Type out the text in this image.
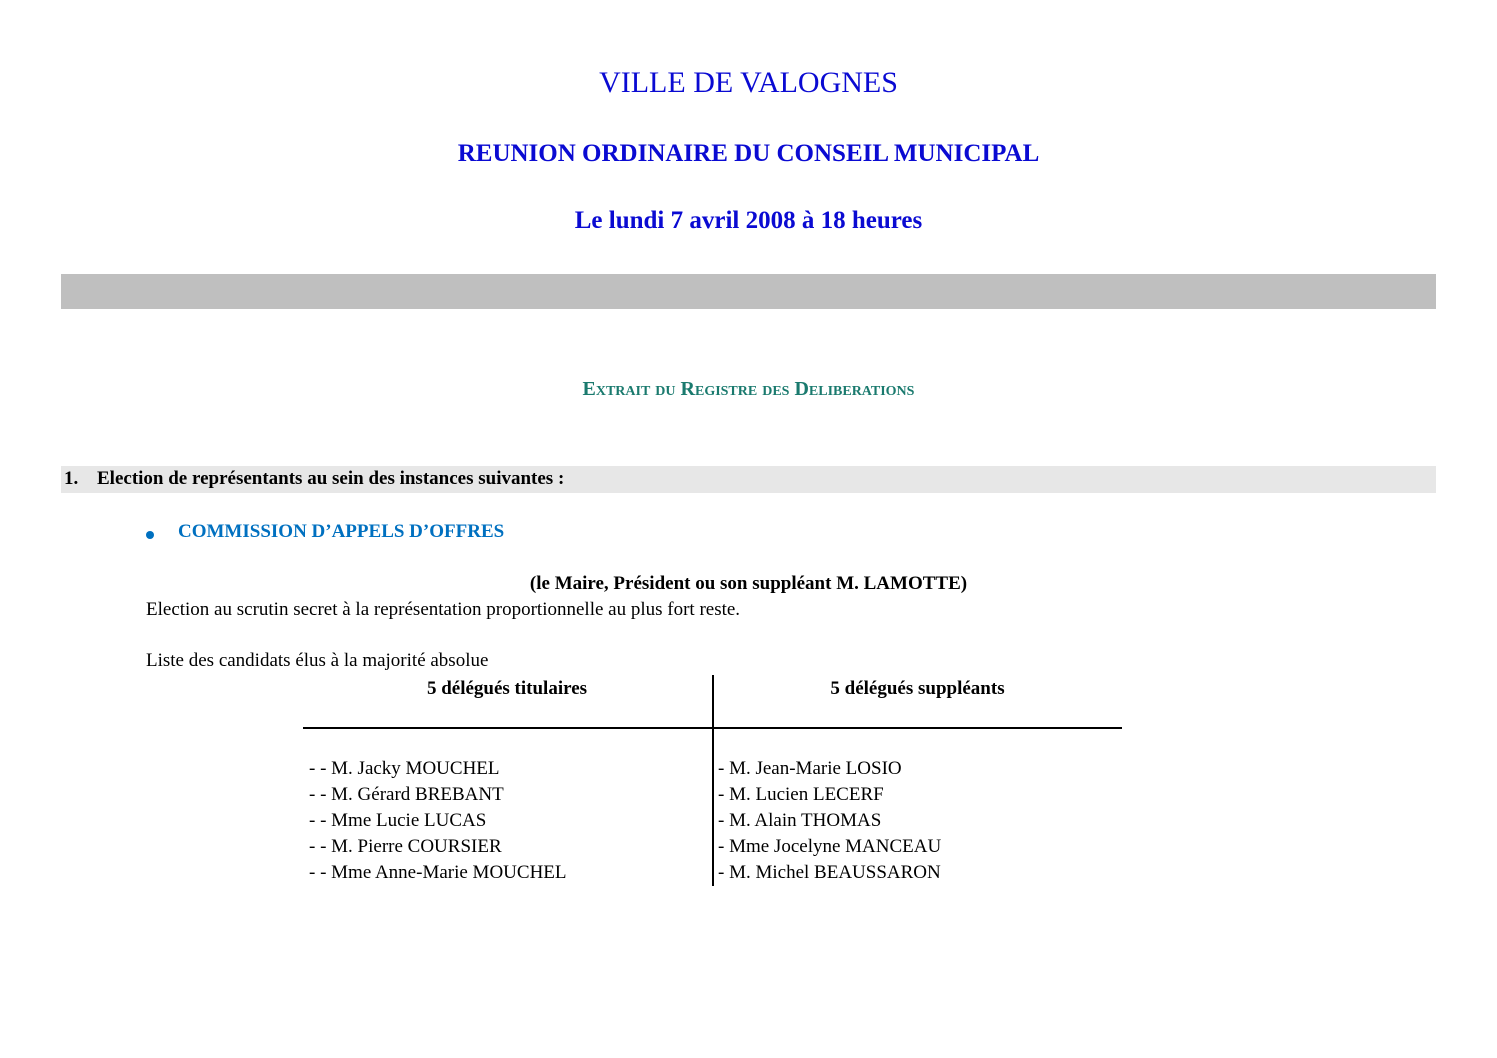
VILLE DE VALOGNES
REUNION ORDINAIRE DU CONSEIL MUNICIPAL
Le lundi 7 avril 2008 à 18 heures
Extrait du Registre des Deliberations
1. Election de représentants au sein des instances suivantes :
COMMISSION D’APPELS D’OFFRES
(le Maire, Président ou son suppléant M. LAMOTTE)
Election au scrutin secret à la représentation proportionnelle au plus fort reste.
Liste des candidats élus à la majorité absolue
5 délégués titulaires	5 délégués suppléants
- - M. Jacky MOUCHEL
- - M. Gérard BREBANT
- - Mme Lucie LUCAS
- - M. Pierre COURSIER
- - Mme Anne-Marie MOUCHEL
- M. Jean-Marie LOSIO
- M. Lucien LECERF
- M. Alain THOMAS
- Mme Jocelyne MANCEAU
- M. Michel BEAUSSARON
